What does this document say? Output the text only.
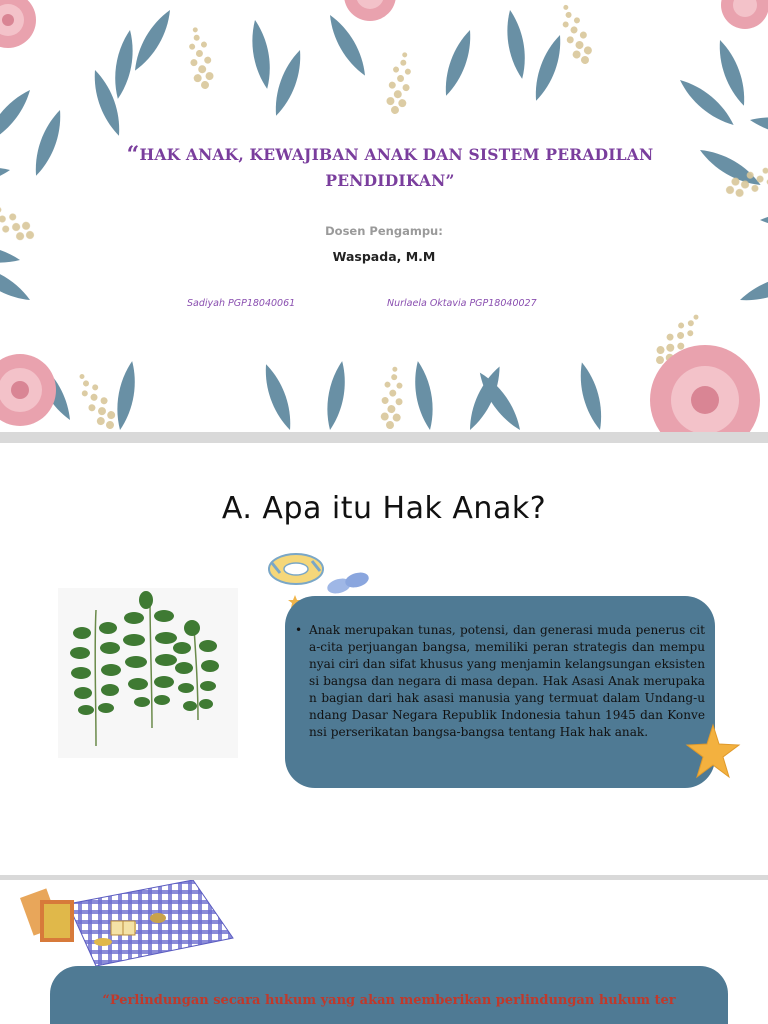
“HAK ANAK, KEWAJIBAN ANAK DAN SISTEM PERADILAN
PENDIDIKAN”
Dosen Pengampu:
Waspada, M.M
Sadiyah PGP18040061	Nurlaela Oktavia PGP18040027
A. Apa itu Hak Anak?
• Anak merupakan tunas, potensi, dan generasi muda penerus cita-cita perjuangan bangsa, memiliki peran strategis dan mempunyai ciri dan sifat khusus yang menjamin kelangsungan eksistensi bangsa dan negara di masa depan. Hak Asasi Anak merupakan bagian dari hak asasi manusia yang termuat dalam Undang-undang Dasar Negara Republik Indonesia tahun 1945 dan Konvensi perserikatan bangsa-bangsa tentang Hak hak anak.
“Perlindungan secara hukum yang akan memberikan perlindungan hukum ter
